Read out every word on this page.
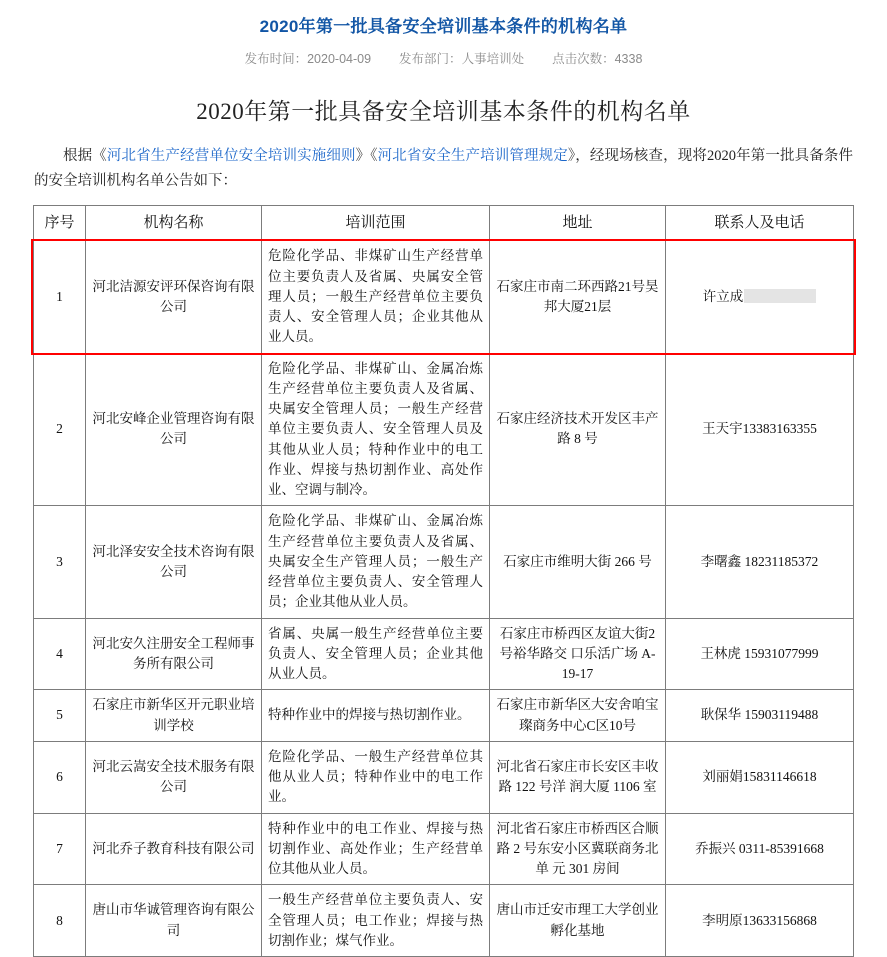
2020年第一批具备安全培训基本条件的机构名单
发布时间：2020-04-09 发布部门：人事培训处 点击次数：4338
2020年第一批具备安全培训基本条件的机构名单

根据《河北省生产经营单位安全培训实施细则》《河北省安全生产培训管理规定》，经现场核查，现将2020年第一批具备条件的安全培训机构名单公告如下：

序号	机构名称	培训范围	地址	联系人及电话
1	河北洁源安评环保咨询有限公司	危险化学品、非煤矿山生产经营单位主要负责人及省属、央属安全管理人员；一般生产经营单位主要负责人、安全管理人员；企业其他从业人员。	石家庄市南二环西路21号昊邦大厦21层	许立成
2	河北安峰企业管理咨询有限公司	危险化学品、非煤矿山、金属冶炼生产经营单位主要负责人及省属、央属安全管理人员；一般生产经营单位主要负责人、安全管理人员及其他从业人员；特种作业中的电工作业、焊接与热切割作业、高处作业、空调与制冷。	石家庄经济技术开发区丰产路 8 号	王天宇13383163355
3	河北泽安安全技术咨询有限公司	危险化学品、非煤矿山、金属冶炼生产经营单位主要负责人及省属、央属安全生产管理人员；一般生产经营单位主要负责人、安全管理人员；企业其他从业人员。	石家庄市维明大街 266 号	李曙鑫 18231185372
4	河北安久注册安全工程师事务所有限公司	省属、央属一般生产经营单位主要负责人、安全管理人员；企业其他从业人员。	石家庄市桥西区友谊大街2号裕华路交 口乐活广场 A-19-17	王林虎 15931077999
5	石家庄市新华区开元职业培训学校	特种作业中的焊接与热切割作业。	石家庄市新华区大安舍咱宝璨商务中心C区10号	耿保华 15903119488
6	河北云嵩安全技术服务有限公司	危险化学品、一般生产经营单位其他从业人员；特种作业中的电工作业。	河北省石家庄市长安区丰收路 122 号洋 润大厦 1106 室	刘丽娟15831146618
7	河北乔子教育科技有限公司	特种作业中的电工作业、焊接与热切割作业、高处作业；生产经营单位其他从业人员。	河北省石家庄市桥西区合顺路 2 号东安小区冀联商务北单 元 301 房间	乔振兴 0311-85391668
8	唐山市华诚管理咨询有限公司	一般生产经营单位主要负责人、安全管理人员；电工作业；焊接与热切割作业；煤气作业。	唐山市迁安市理工大学创业孵化基地	李明原13633156868
